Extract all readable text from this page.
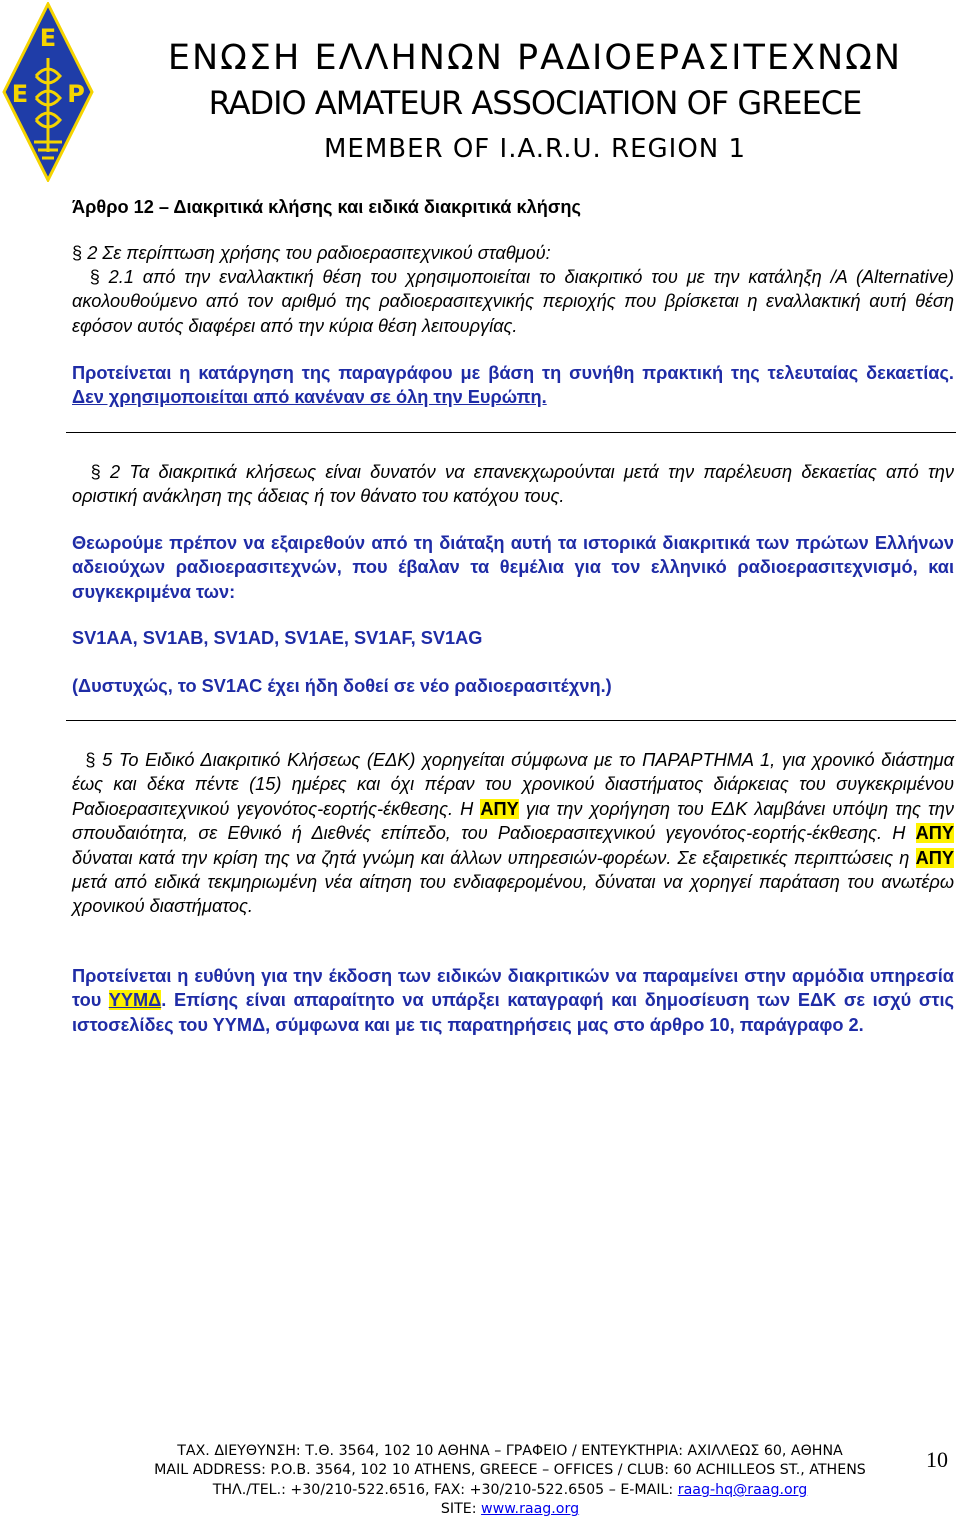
Ε
Ε Ρ
ΕΝΩΣΗ ΕΛΛΗΝΩΝ ΡΑΔΙΟΕΡΑΣΙΤΕΧΝΩΝ
RADIO AMATEUR ASSOCIATION OF GREECE
MEMBER OF I.A.R.U. REGION 1
Άρθρο 12 – Διακριτικά κλήσης και ειδικά διακριτικά κλήσης
§ 2 Σε περίπτωση χρήσης του ραδιοερασιτεχνικού σταθμού:
§ 2.1 από την εναλλακτική θέση του χρησιμοποιείται το διακριτικό του με την κατάληξη /A (Alternative) ακολουθούμενο από τον αριθμό της ραδιοερασιτεχνικής περιοχής που βρίσκεται η εναλλακτική αυτή θέση εφόσον αυτός διαφέρει από την κύρια θέση λειτουργίας.
Προτείνεται η κατάργηση της παραγράφου με βάση τη συνήθη πρακτική της τελευταίας δεκαετίας. Δεν χρησιμοποιείται από κανέναν σε όλη την Ευρώπη.
§ 2 Τα διακριτικά κλήσεως είναι δυνατόν να επανεκχωρούνται μετά την παρέλευση δεκαετίας από την οριστική ανάκληση της άδειας ή τον θάνατο του κατόχου τους.
Θεωρούμε πρέπον να εξαιρεθούν από τη διάταξη αυτή τα ιστορικά διακριτικά των πρώτων Ελλήνων αδειούχων ραδιοερασιτεχνών, που έβαλαν τα θεμέλια για τον ελληνικό ραδιοερασιτεχνισμό, και συγκεκριμένα των:
SV1AA, SV1AB, SV1AD, SV1AE, SV1AF, SV1AG
(Δυστυχώς, το SV1AC έχει ήδη δοθεί σε νέο ραδιοερασιτέχνη.)
§ 5 Το Ειδικό Διακριτικό Κλήσεως (ΕΔΚ) χορηγείται σύμφωνα με το ΠΑΡΑΡΤΗΜΑ 1, για χρονικό διάστημα έως και δέκα πέντε (15) ημέρες και όχι πέραν του χρονικού διαστήματος διάρκειας του συγκεκριμένου Ραδιοερασιτεχνικού γεγονότος-εορτής-έκθεσης. Η ΑΠΥ για την χορήγηση του ΕΔΚ λαμβάνει υπόψη της την σπουδαιότητα, σε Εθνικό ή Διεθνές επίπεδο, του Ραδιοερασιτεχνικού γεγονότος-εορτής-έκθεσης. Η ΑΠΥ δύναται κατά την κρίση της να ζητά γνώμη και άλλων υπηρεσιών-φορέων. Σε εξαιρετικές περιπτώσεις η ΑΠΥ μετά από ειδικά τεκμηριωμένη νέα αίτηση του ενδιαφερομένου, δύναται να χορηγεί παράταση του ανωτέρω χρονικού διαστήματος.
Προτείνεται η ευθύνη για την έκδοση των ειδικών διακριτικών να παραμείνει στην αρμόδια υπηρεσία του ΥΥΜΔ. Επίσης είναι απαραίτητο να υπάρξει καταγραφή και δημοσίευση των ΕΔΚ σε ισχύ στις ιστοσελίδες του ΥΥΜΔ, σύμφωνα και με τις παρατηρήσεις μας στο άρθρο 10, παράγραφο 2.
ΤΑΧ. ΔΙΕΥΘΥΝΣΗ: Τ.Θ. 3564, 102 10 ΑΘΗΝΑ – ΓΡΑΦΕΙΟ / ΕΝΤΕΥΚΤΗΡΙΑ: ΑΧΙΛΛΕΩΣ 60, ΑΘΗΝΑ
MAIL ADDRESS: P.O.B. 3564, 102 10 ATHENS, GREECE – OFFICES / CLUB: 60 ACHILLEOS ST., ATHENS
ΤΗΛ./TEL.: +30/210-522.6516, FAX: +30/210-522.6505 – E-MAIL: raag-hq@raag.org
SITE: www.raag.org
10
